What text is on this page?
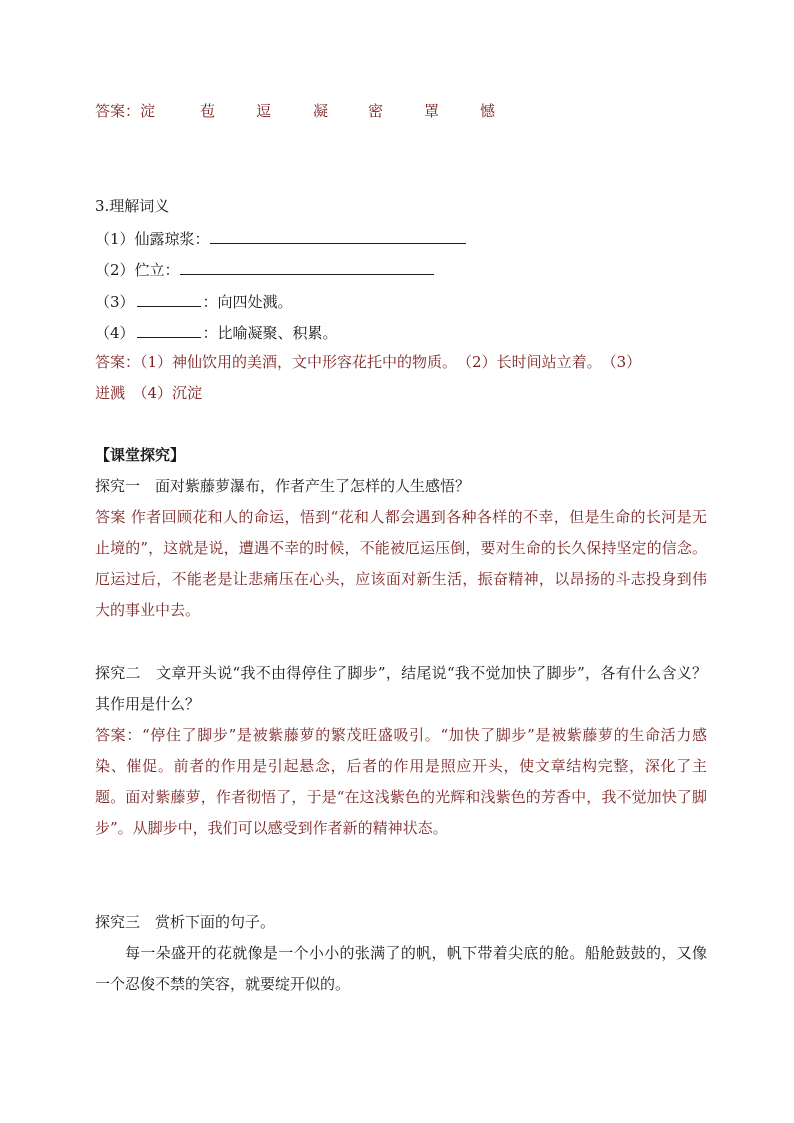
答案： 淀	苞	逗	凝	密	罩	憾
3.理解词义
（1）仙露琼浆：
（2）伫立：
（3）	：向四处溅。
（4）	：比喻凝聚、积累。
答案：（1）神仙饮用的美酒，文中形容花托中的物质。　（2）长时间站立着。　（3）
迸溅　（4）沉淀
【课堂探究】
探究一　面对紫藤萝瀑布，作者产生了怎样的人生感悟？
答案 作者回顾花和人的命运，悟到“花和人都会遇到各种各样的不幸，但是生命的长河是无止境的”，这就是说，遭遇不幸的时候，不能被厄运压倒，要对生命的长久保持坚定的信念。厄运过后，不能老是让悲痛压在心头，应该面对新生活，振奋精神，以昂扬的斗志投身到伟大的事业中去。
探究二　文章开头说“我不由得停住了脚步”，结尾说“我不觉加快了脚步”，各有什么含义？其作用是什么？
答案：“停住了脚步”是被紫藤萝的繁茂旺盛吸引。“加快了脚步”是被紫藤萝的生命活力感染、催促。前者的作用是引起悬念，后者的作用是照应开头，使文章结构完整，深化了主题。面对紫藤萝，作者彻悟了，于是“在这浅紫色的光辉和浅紫色的芳香中，我不觉加快了脚步”。从脚步中，我们可以感受到作者新的精神状态。
探究三　赏析下面的句子。
每一朵盛开的花就像是一个小小的张满了的帆，帆下带着尖底的舱。船舱鼓鼓的，又像一个忍俊不禁的笑容，就要绽开似的。
